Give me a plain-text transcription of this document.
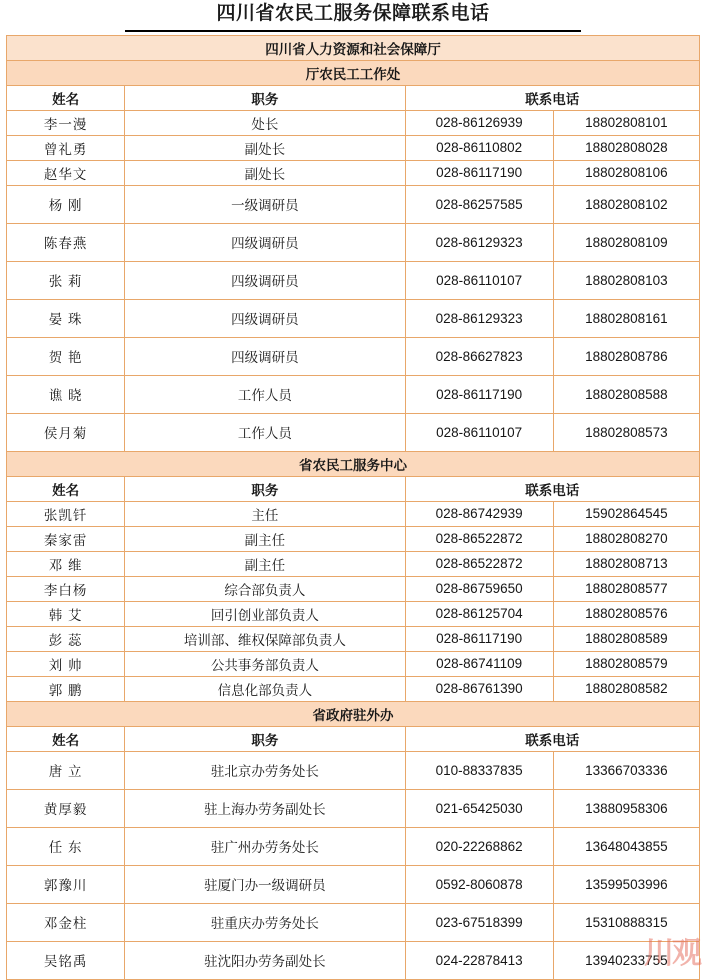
四川省农民工服务保障联系电话
四川省人力资源和社会保障厅			
厅农民工工作处			
姓名	职务	联系电话	
李一漫	处长	028-86126939	18802808101
曾礼勇	副处长	028-86110802	18802808028
赵华文	副处长	028-86117190	18802808106
杨 刚	一级调研员	028-86257585	18802808102
陈春燕	四级调研员	028-86129323	18802808109
张 莉	四级调研员	028-86110107	18802808103
晏 珠	四级调研员	028-86129323	18802808161
贺 艳	四级调研员	028-86627823	18802808786
谯 晓	工作人员	028-86117190	18802808588
侯月菊	工作人员	028-86110107	18802808573
省农民工服务中心			
姓名	职务	联系电话	
张凯钎	主任	028-86742939	15902864545
秦家雷	副主任	028-86522872	18802808270
邓 维	副主任	028-86522872	18802808713
李白杨	综合部负责人	028-86759650	18802808577
韩 艾	回引创业部负责人	028-86125704	18802808576
彭 蕊	培训部、维权保障部负责人	028-86117190	18802808589
刘 帅	公共事务部负责人	028-86741109	18802808579
郭 鹏	信息化部负责人	028-86761390	18802808582
省政府驻外办			
姓名	职务	联系电话	
唐 立	驻北京办劳务处长	010-88337835	13366703336
黄厚毅	驻上海办劳务副处长	021-65425030	13880958306
任 东	驻广州办劳务处长	020-22268862	13648043855
郭豫川	驻厦门办一级调研员	0592-8060878	13599503996
邓金柱	驻重庆办劳务处长	023-67518399	15310888315
吴铭禹	驻沈阳办劳务副处长	024-22878413	13940233755
川观
